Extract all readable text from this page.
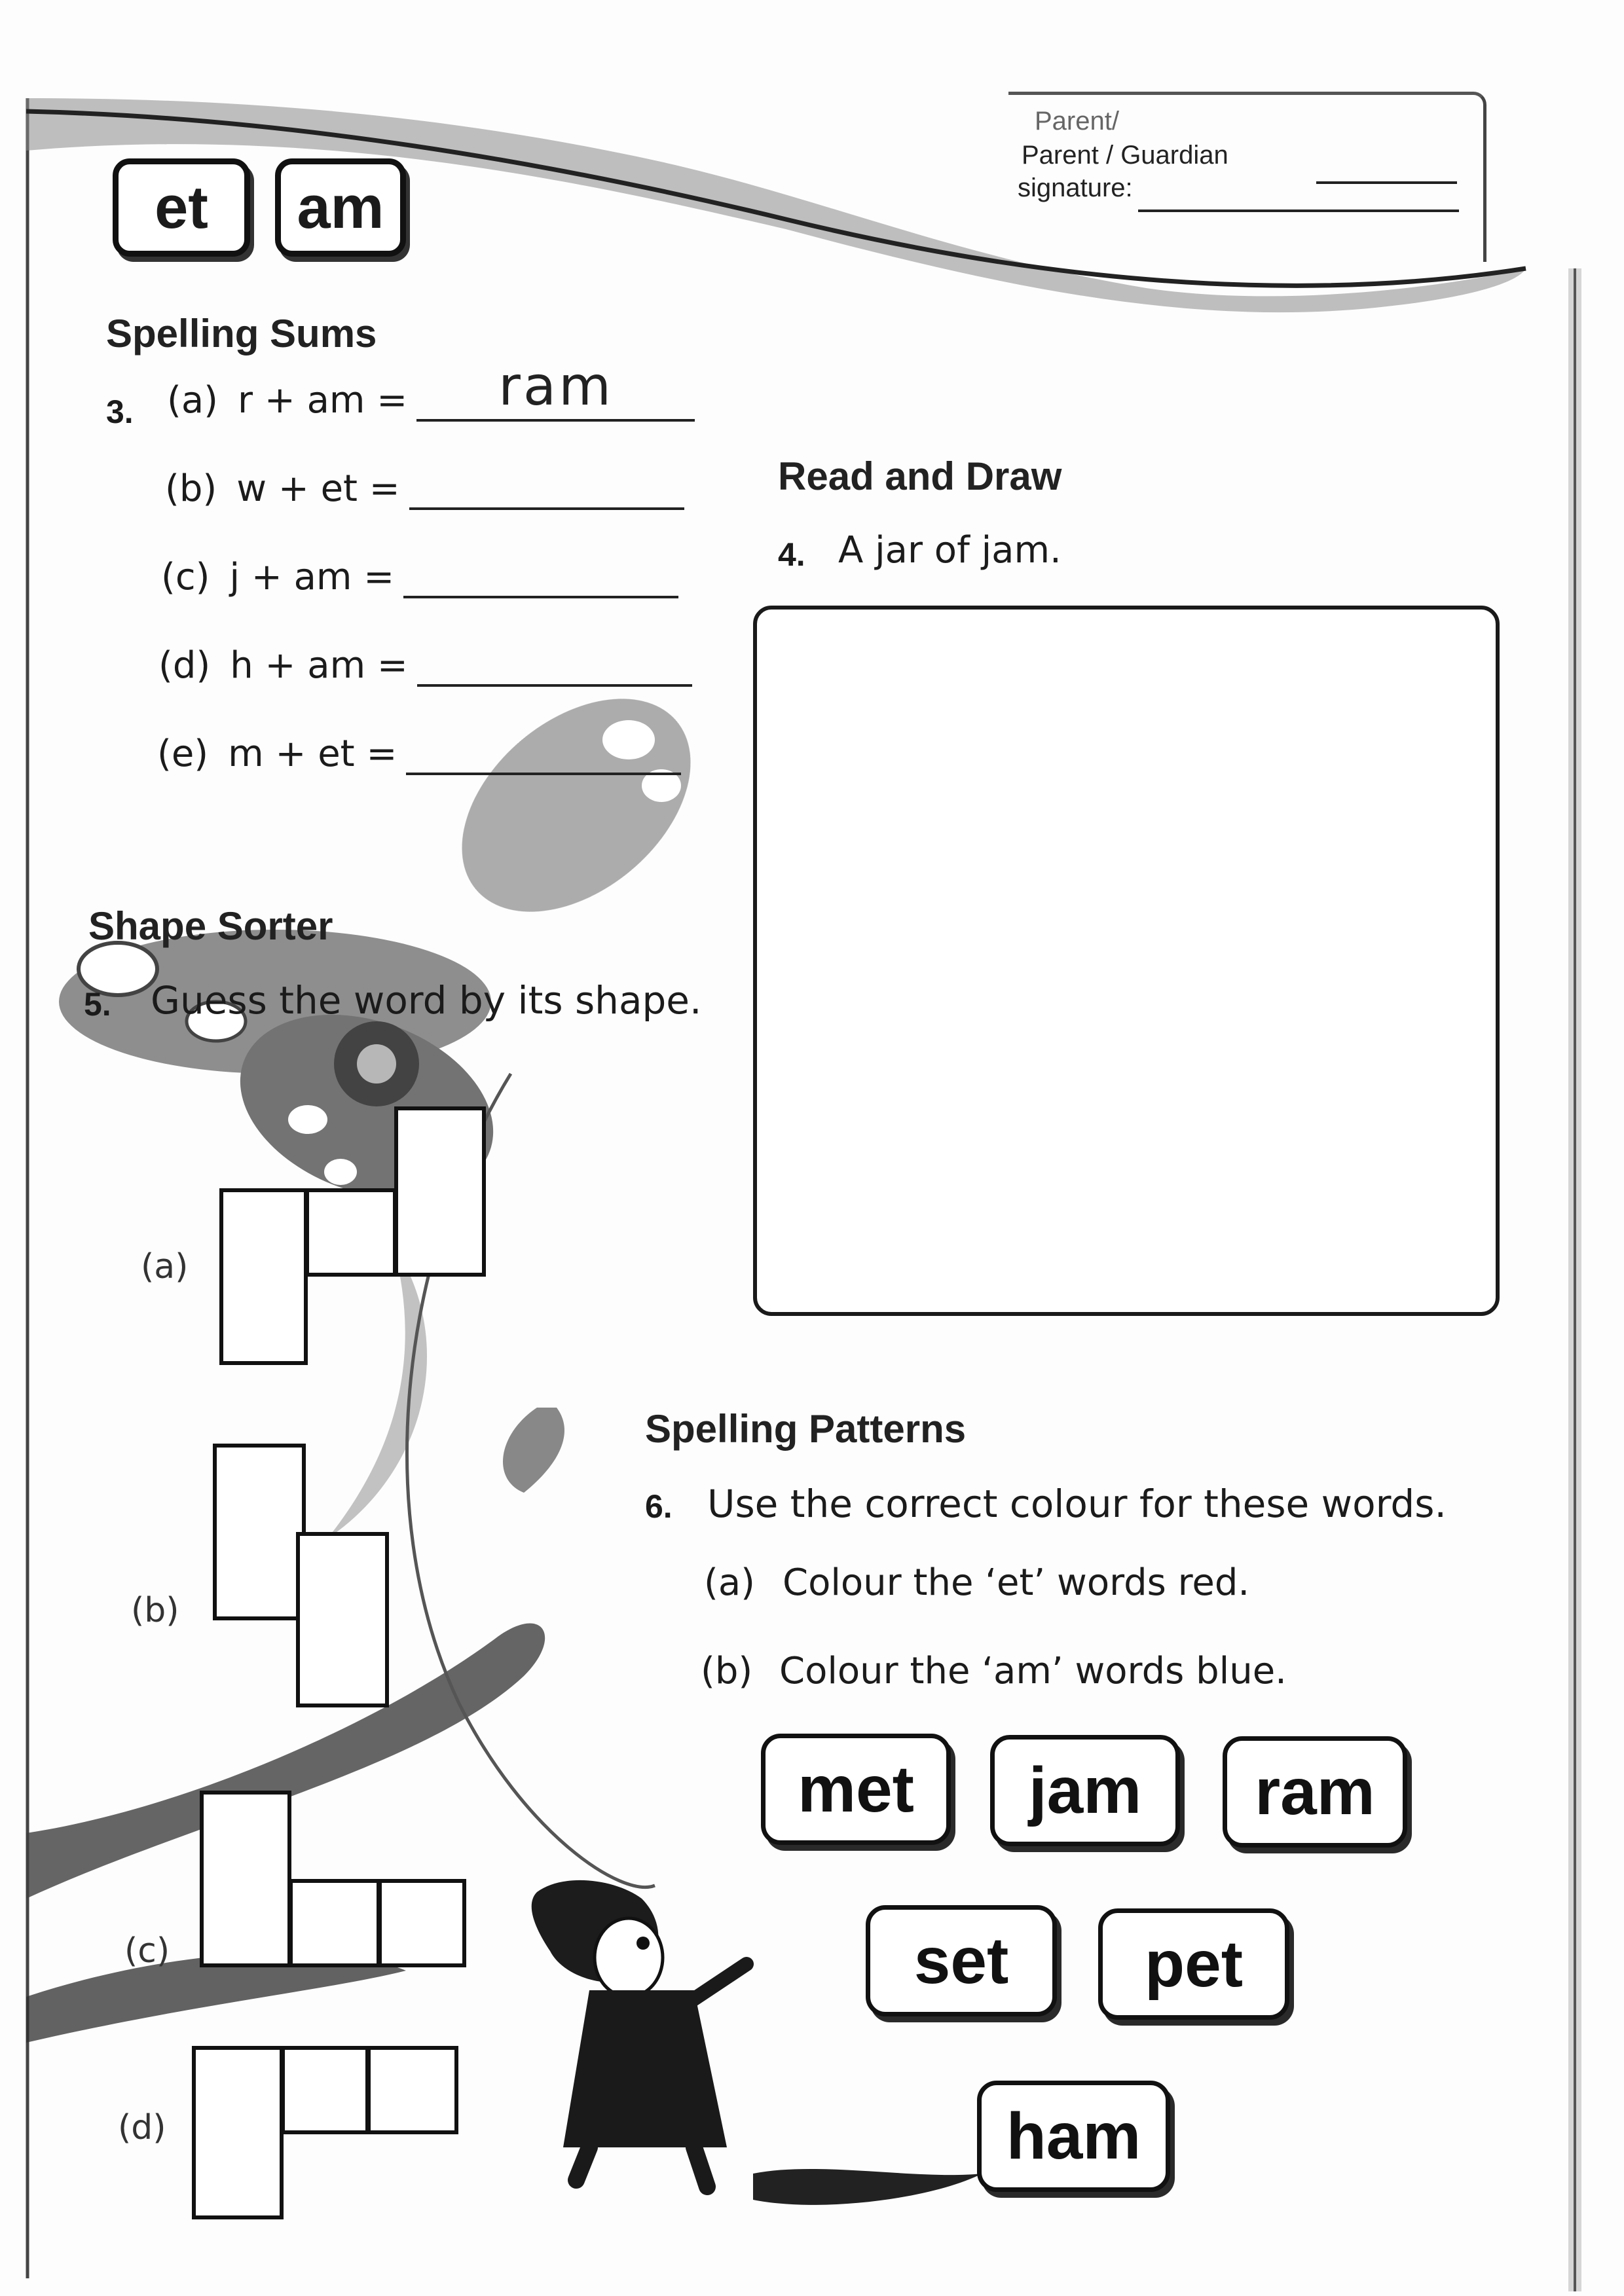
et	am
Parent/
Parent / Guardian
signature:
Spelling Sums
3. (a) r + am = ram
(b) w + et =
(c) j + am =
(d) h + am =
(e) m + et =
Read and Draw
4. A jar of jam.
Shape Sorter
5. Guess the word by its shape.
(a)
(b)
(c)
(d)
Spelling Patterns
6. Use the correct colour for these words.
(a) Colour the ‘et’ words red.
(b) Colour the ‘am’ words blue.
met	jam	ram
set	pet
ham
